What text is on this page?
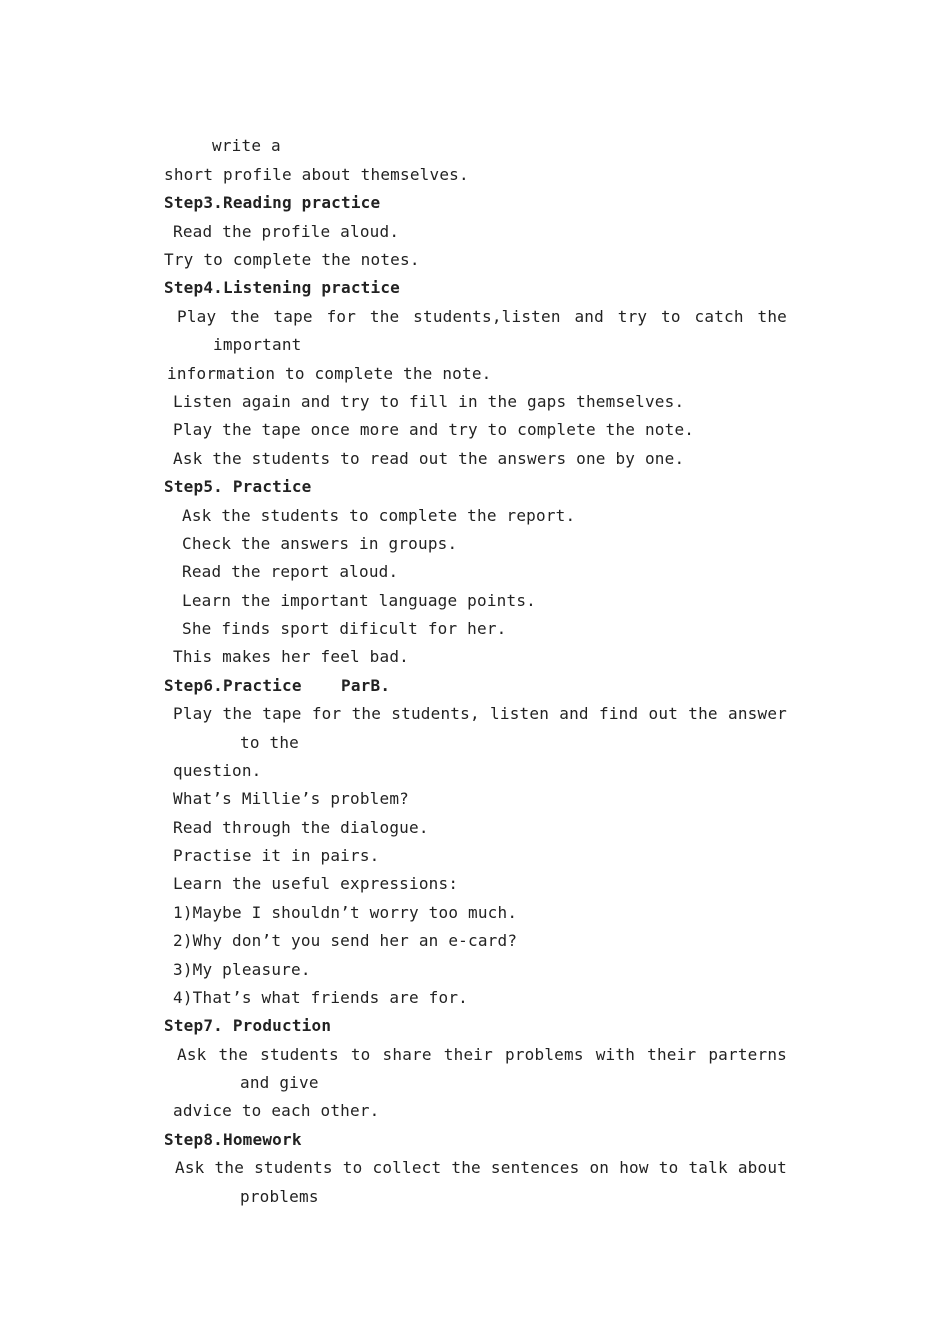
write a
short profile about themselves.
Step3.Reading practice
Read the profile aloud.
Try to complete the notes.
Step4.Listening practice
Play the tape for the students,listen and try to catch the
important
information to complete the note.
Listen again and try to fill in the gaps themselves.
Play the tape once more and try to complete the note.
Ask the students to read out the answers one by one.
Step5. Practice
Ask the students to complete the report.
Check the answers in groups.
Read the report aloud.
Learn the important language points.
She finds sport dificult for her.
This makes her feel bad.
Step6.Practice    ParB.
Play the tape for the students, listen and find out the answer
to the
question.
What’s Millie’s problem?
Read through the dialogue.
Practise it in pairs.
Learn the useful expressions:
1)Maybe I shouldn’t worry too much.
2)Why don’t you send her an e-card?
3)My pleasure.
4)That’s what friends are for.
Step7. Production
Ask the students to share their problems with their parterns
and give
advice to each other.
Step8.Homework
Ask the students to collect the sentences on how to talk about
problems
